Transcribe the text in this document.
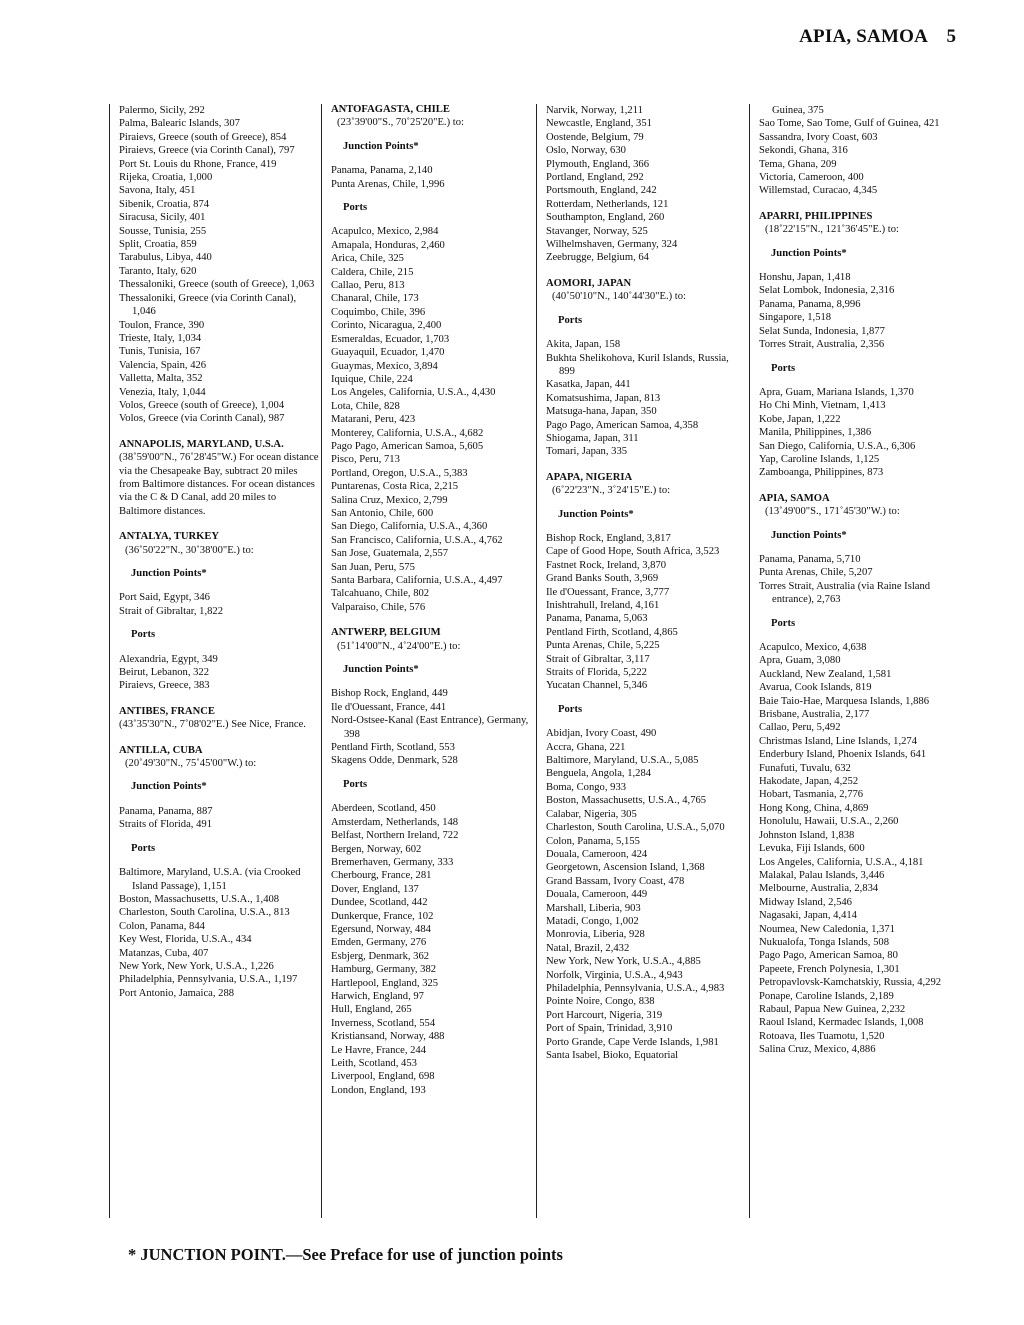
APIA, SAMOA 5
Palermo, Sicily, 292
Palma, Balearic Islands, 307
Piraievs, Greece (south of Greece), 854
Piraievs, Greece (via Corinth Canal), 797
Port St. Louis du Rhone, France, 419
Rijeka, Croatia, 1,000
Savona, Italy, 451
Sibenik, Croatia, 874
Siracusa, Sicily, 401
Sousse, Tunisia, 255
Split, Croatia, 859
Tarabulus, Libya, 440
Taranto, Italy, 620
Thessaloniki, Greece (south of Greece), 1,063
Thessaloniki, Greece (via Corinth Canal), 1,046
Toulon, France, 390
Trieste, Italy, 1,034
Tunis, Tunisia, 167
Valencia, Spain, 426
Valletta, Malta, 352
Venezia, Italy, 1,044
Volos, Greece (south of Greece), 1,004
Volos, Greece (via Corinth Canal), 987
ANNAPOLIS, MARYLAND, U.S.A.
(38˚59'00"N., 76˚28'45"W.) For ocean distance via the Chesapeake Bay, subtract 20 miles from Baltimore distances. For ocean distances via the C & D Canal, add 20 miles to Baltimore distances.
ANTALYA, TURKEY
(36˚50'22"N., 30˚38'00"E.) to:
Junction Points*
Port Said, Egypt, 346
Strait of Gibraltar, 1,822
Ports
Alexandria, Egypt, 349
Beirut, Lebanon, 322
Piraievs, Greece, 383
ANTIBES, FRANCE
(43˚35'30"N., 7˚08'02"E.) See Nice, France.
ANTILLA, CUBA
(20˚49'30"N., 75˚45'00"W.) to:
Junction Points*
Panama, Panama, 887
Straits of Florida, 491
Ports
Baltimore, Maryland, U.S.A. (via Crooked Island Passage), 1,151
Boston, Massachusetts, U.S.A., 1,408
Charleston, South Carolina, U.S.A., 813
Colon, Panama, 844
Key West, Florida, U.S.A., 434
Matanzas, Cuba, 407
New York, New York, U.S.A., 1,226
Philadelphia, Pennsylvania, U.S.A., 1,197
Port Antonio, Jamaica, 288
ANTOFAGASTA, CHILE
(23˚39'00"S., 70˚25'20"E.) to:
Junction Points*
Panama, Panama, 2,140
Punta Arenas, Chile, 1,996
Ports
Acapulco, Mexico, 2,984
Amapala, Honduras, 2,460
Arica, Chile, 325
Caldera, Chile, 215
Callao, Peru, 813
Chanaral, Chile, 173
Coquimbo, Chile, 396
Corinto, Nicaragua, 2,400
Esmeraldas, Ecuador, 1,703
Guayaquil, Ecuador, 1,470
Guaymas, Mexico, 3,894
Iquique, Chile, 224
Los Angeles, California, U.S.A., 4,430
Lota, Chile, 828
Matarani, Peru, 423
Monterey, California, U.S.A., 4,682
Pago Pago, American Samoa, 5,605
Pisco, Peru, 713
Portland, Oregon, U.S.A., 5,383
Puntarenas, Costa Rica, 2,215
Salina Cruz, Mexico, 2,799
San Antonio, Chile, 600
San Diego, California, U.S.A., 4,360
San Francisco, California, U.S.A., 4,762
San Jose, Guatemala, 2,557
San Juan, Peru, 575
Santa Barbara, California, U.S.A., 4,497
Talcahuano, Chile, 802
Valparaiso, Chile, 576
ANTWERP, BELGIUM
(51˚14'00"N., 4˚24'00"E.) to:
Junction Points*
Bishop Rock, England, 449
Ile d'Ouessant, France, 441
Nord-Ostsee-Kanal (East Entrance), Germany, 398
Pentland Firth, Scotland, 553
Skagens Odde, Denmark, 528
Ports
Aberdeen, Scotland, 450
Amsterdam, Netherlands, 148
Belfast, Northern Ireland, 722
Bergen, Norway, 602
Bremerhaven, Germany, 333
Cherbourg, France, 281
Dover, England, 137
Dundee, Scotland, 442
Dunkerque, France, 102
Egersund, Norway, 484
Emden, Germany, 276
Esbjerg, Denmark, 362
Hamburg, Germany, 382
Hartlepool, England, 325
Harwich, England, 97
Hull, England, 265
Inverness, Scotland, 554
Kristiansand, Norway, 488
Le Havre, France, 244
Leith, Scotland, 453
Liverpool, England, 698
London, England, 193
Narvik, Norway, 1,211
Newcastle, England, 351
Oostende, Belgium, 79
Oslo, Norway, 630
Plymouth, England, 366
Portland, England, 292
Portsmouth, England, 242
Rotterdam, Netherlands, 121
Southampton, England, 260
Stavanger, Norway, 525
Wilhelmshaven, Germany, 324
Zeebrugge, Belgium, 64
AOMORI, JAPAN
(40˚50'10"N., 140˚44'30"E.) to:
Ports
Akita, Japan, 158
Bukhta Shelikohova, Kuril Islands, Russia, 899
Kasatka, Japan, 441
Komatsushima, Japan, 813
Matsuga-hana, Japan, 350
Pago Pago, American Samoa, 4,358
Shiogama, Japan, 311
Tomari, Japan, 335
APAPA, NIGERIA
(6˚22'23"N., 3˚24'15"E.) to:
Junction Points*
Bishop Rock, England, 3,817
Cape of Good Hope, South Africa, 3,523
Fastnet Rock, Ireland, 3,870
Grand Banks South, 3,969
Ile d'Ouessant, France, 3,777
Inishtrahull, Ireland, 4,161
Panama, Panama, 5,063
Pentland Firth, Scotland, 4,865
Punta Arenas, Chile, 5,225
Strait of Gibraltar, 3,117
Straits of Florida, 5,222
Yucatan Channel, 5,346
Ports
Abidjan, Ivory Coast, 490
Accra, Ghana, 221
Baltimore, Maryland, U.S.A., 5,085
Benguela, Angola, 1,284
Boma, Congo, 933
Boston, Massachusetts, U.S.A., 4,765
Calabar, Nigeria, 305
Charleston, South Carolina, U.S.A., 5,070
Colon, Panama, 5,155
Douala, Cameroon, 424
Georgetown, Ascension Island, 1,368
Grand Bassam, Ivory Coast, 478
Douala, Cameroon, 449
Marshall, Liberia, 903
Matadi, Congo, 1,002
Monrovia, Liberia, 928
Natal, Brazil, 2,432
New York, New York, U.S.A., 4,885
Norfolk, Virginia, U.S.A., 4,943
Philadelphia, Pennsylvania, U.S.A., 4,983
Pointe Noire, Congo, 838
Port Harcourt, Nigeria, 319
Port of Spain, Trinidad, 3,910
Porto Grande, Cape Verde Islands, 1,981
Santa Isabel, Bioko, Equatorial
Guinea, 375
Sao Tome, Sao Tome, Gulf of Guinea, 421
Sassandra, Ivory Coast, 603
Sekondi, Ghana, 316
Tema, Ghana, 209
Victoria, Cameroon, 400
Willemstad, Curacao, 4,345
APARRI, PHILIPPINES
(18˚22'15"N., 121˚36'45"E.) to:
Junction Points*
Honshu, Japan, 1,418
Selat Lombok, Indonesia, 2,316
Panama, Panama, 8,996
Singapore, 1,518
Selat Sunda, Indonesia, 1,877
Torres Strait, Australia, 2,356
Ports
Apra, Guam, Mariana Islands, 1,370
Ho Chi Minh, Vietnam, 1,413
Kobe, Japan, 1,222
Manila, Philippines, 1,386
San Diego, California, U.S.A., 6,306
Yap, Caroline Islands, 1,125
Zamboanga, Philippines, 873
APIA, SAMOA
(13˚49'00"S., 171˚45'30"W.) to:
Junction Points*
Panama, Panama, 5,710
Punta Arenas, Chile, 5,207
Torres Strait, Australia (via Raine Island entrance), 2,763
Ports
Acapulco, Mexico, 4,638
Apra, Guam, 3,080
Auckland, New Zealand, 1,581
Avarua, Cook Islands, 819
Baie Taio-Hae, Marquesa Islands, 1,886
Brisbane, Australia, 2,177
Callao, Peru, 5,492
Christmas Island, Line Islands, 1,274
Enderbury Island, Phoenix Islands, 641
Funafuti, Tuvalu, 632
Hakodate, Japan, 4,252
Hobart, Tasmania, 2,776
Hong Kong, China, 4,869
Honolulu, Hawaii, U.S.A., 2,260
Johnston Island, 1,838
Levuka, Fiji Islands, 600
Los Angeles, California, U.S.A., 4,181
Malakal, Palau Islands, 3,446
Melbourne, Australia, 2,834
Midway Island, 2,546
Nagasaki, Japan, 4,414
Noumea, New Caledonia, 1,371
Nukualofa, Tonga Islands, 508
Pago Pago, American Samoa, 80
Papeete, French Polynesia, 1,301
Petropavlovsk-Kamchatskiy, Russia, 4,292
Ponape, Caroline Islands, 2,189
Rabaul, Papua New Guinea, 2,232
Raoul Island, Kermadec Islands, 1,008
Rotoava, Iles Tuamotu, 1,520
Salina Cruz, Mexico, 4,886
* JUNCTION POINT.—See Preface for use of junction points
